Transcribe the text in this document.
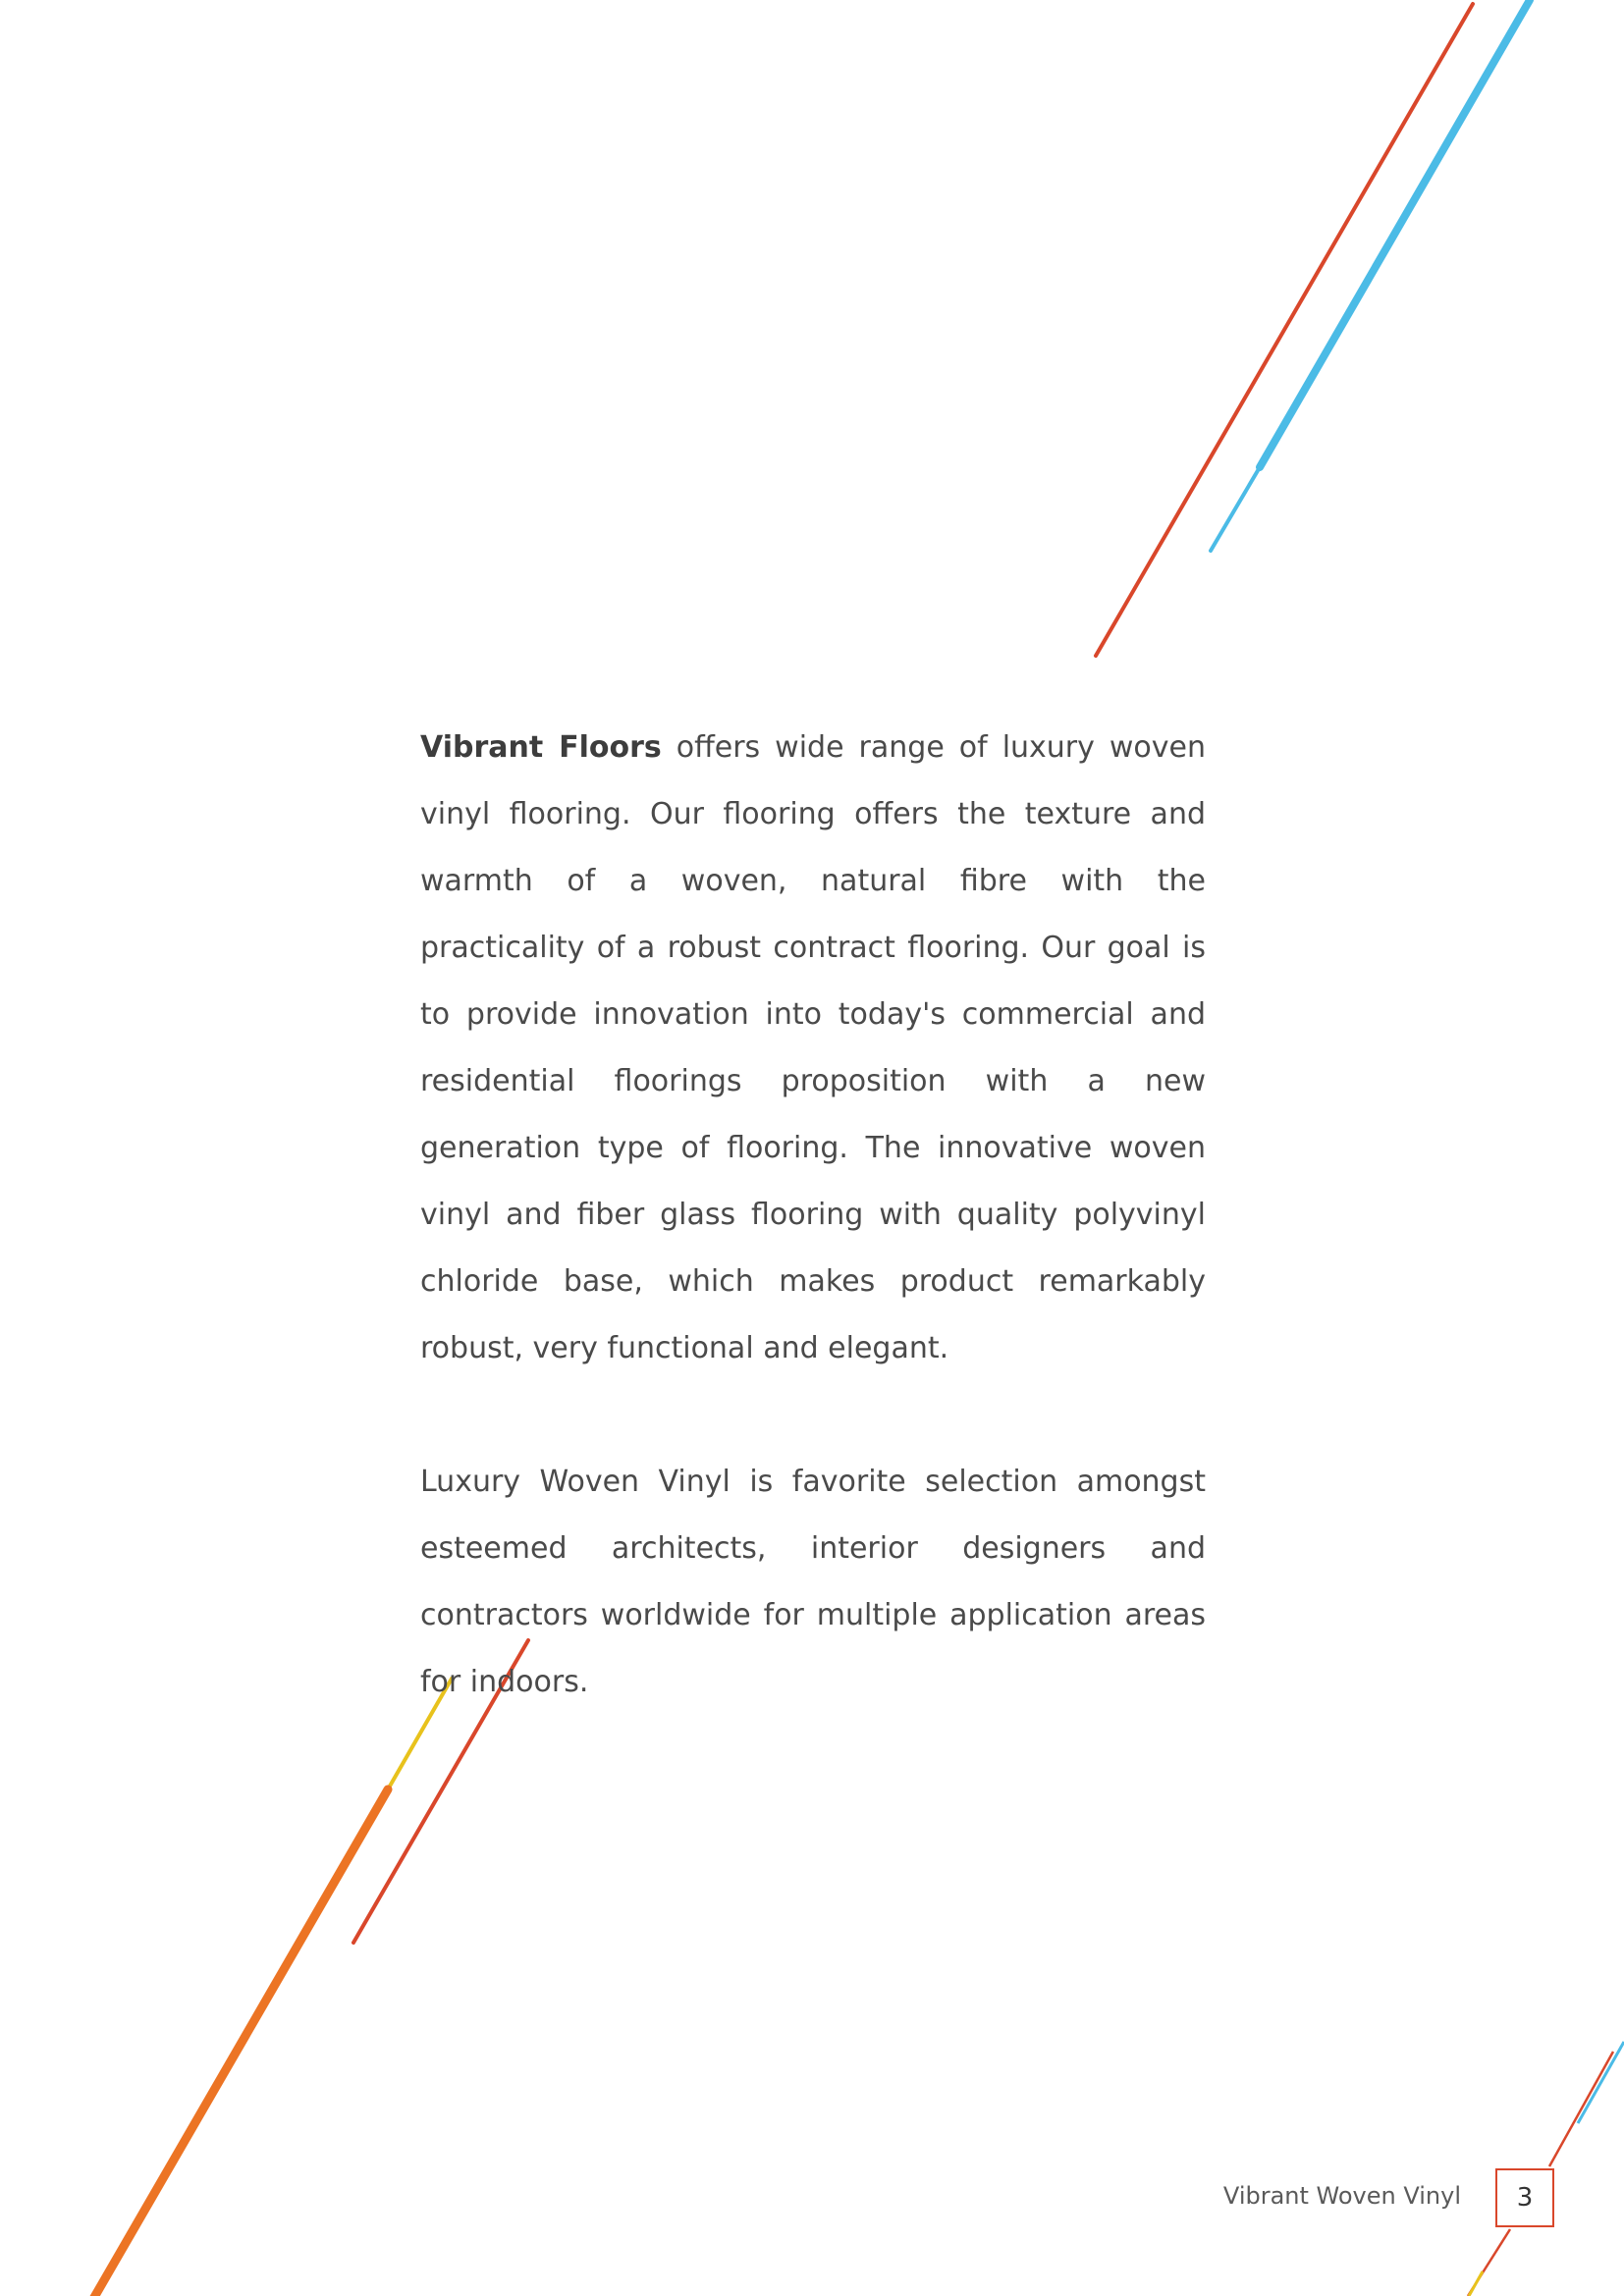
Vibrant Floors offers wide range of luxury woven vinyl flooring. Our flooring offers the texture and warmth of a woven, natural fibre with the practicality of a robust contract flooring. Our goal is to provide innovation into today's commercial and residential floorings proposition with a new generation type of flooring. The innovative woven vinyl and fiber glass flooring with quality polyvinyl chloride base, which makes product remarkably robust, very functional and elegant.

Luxury Woven Vinyl is favorite selection amongst esteemed architects, interior designers and contractors worldwide for multiple application areas for indoors.

Vibrant Woven Vinyl	3
